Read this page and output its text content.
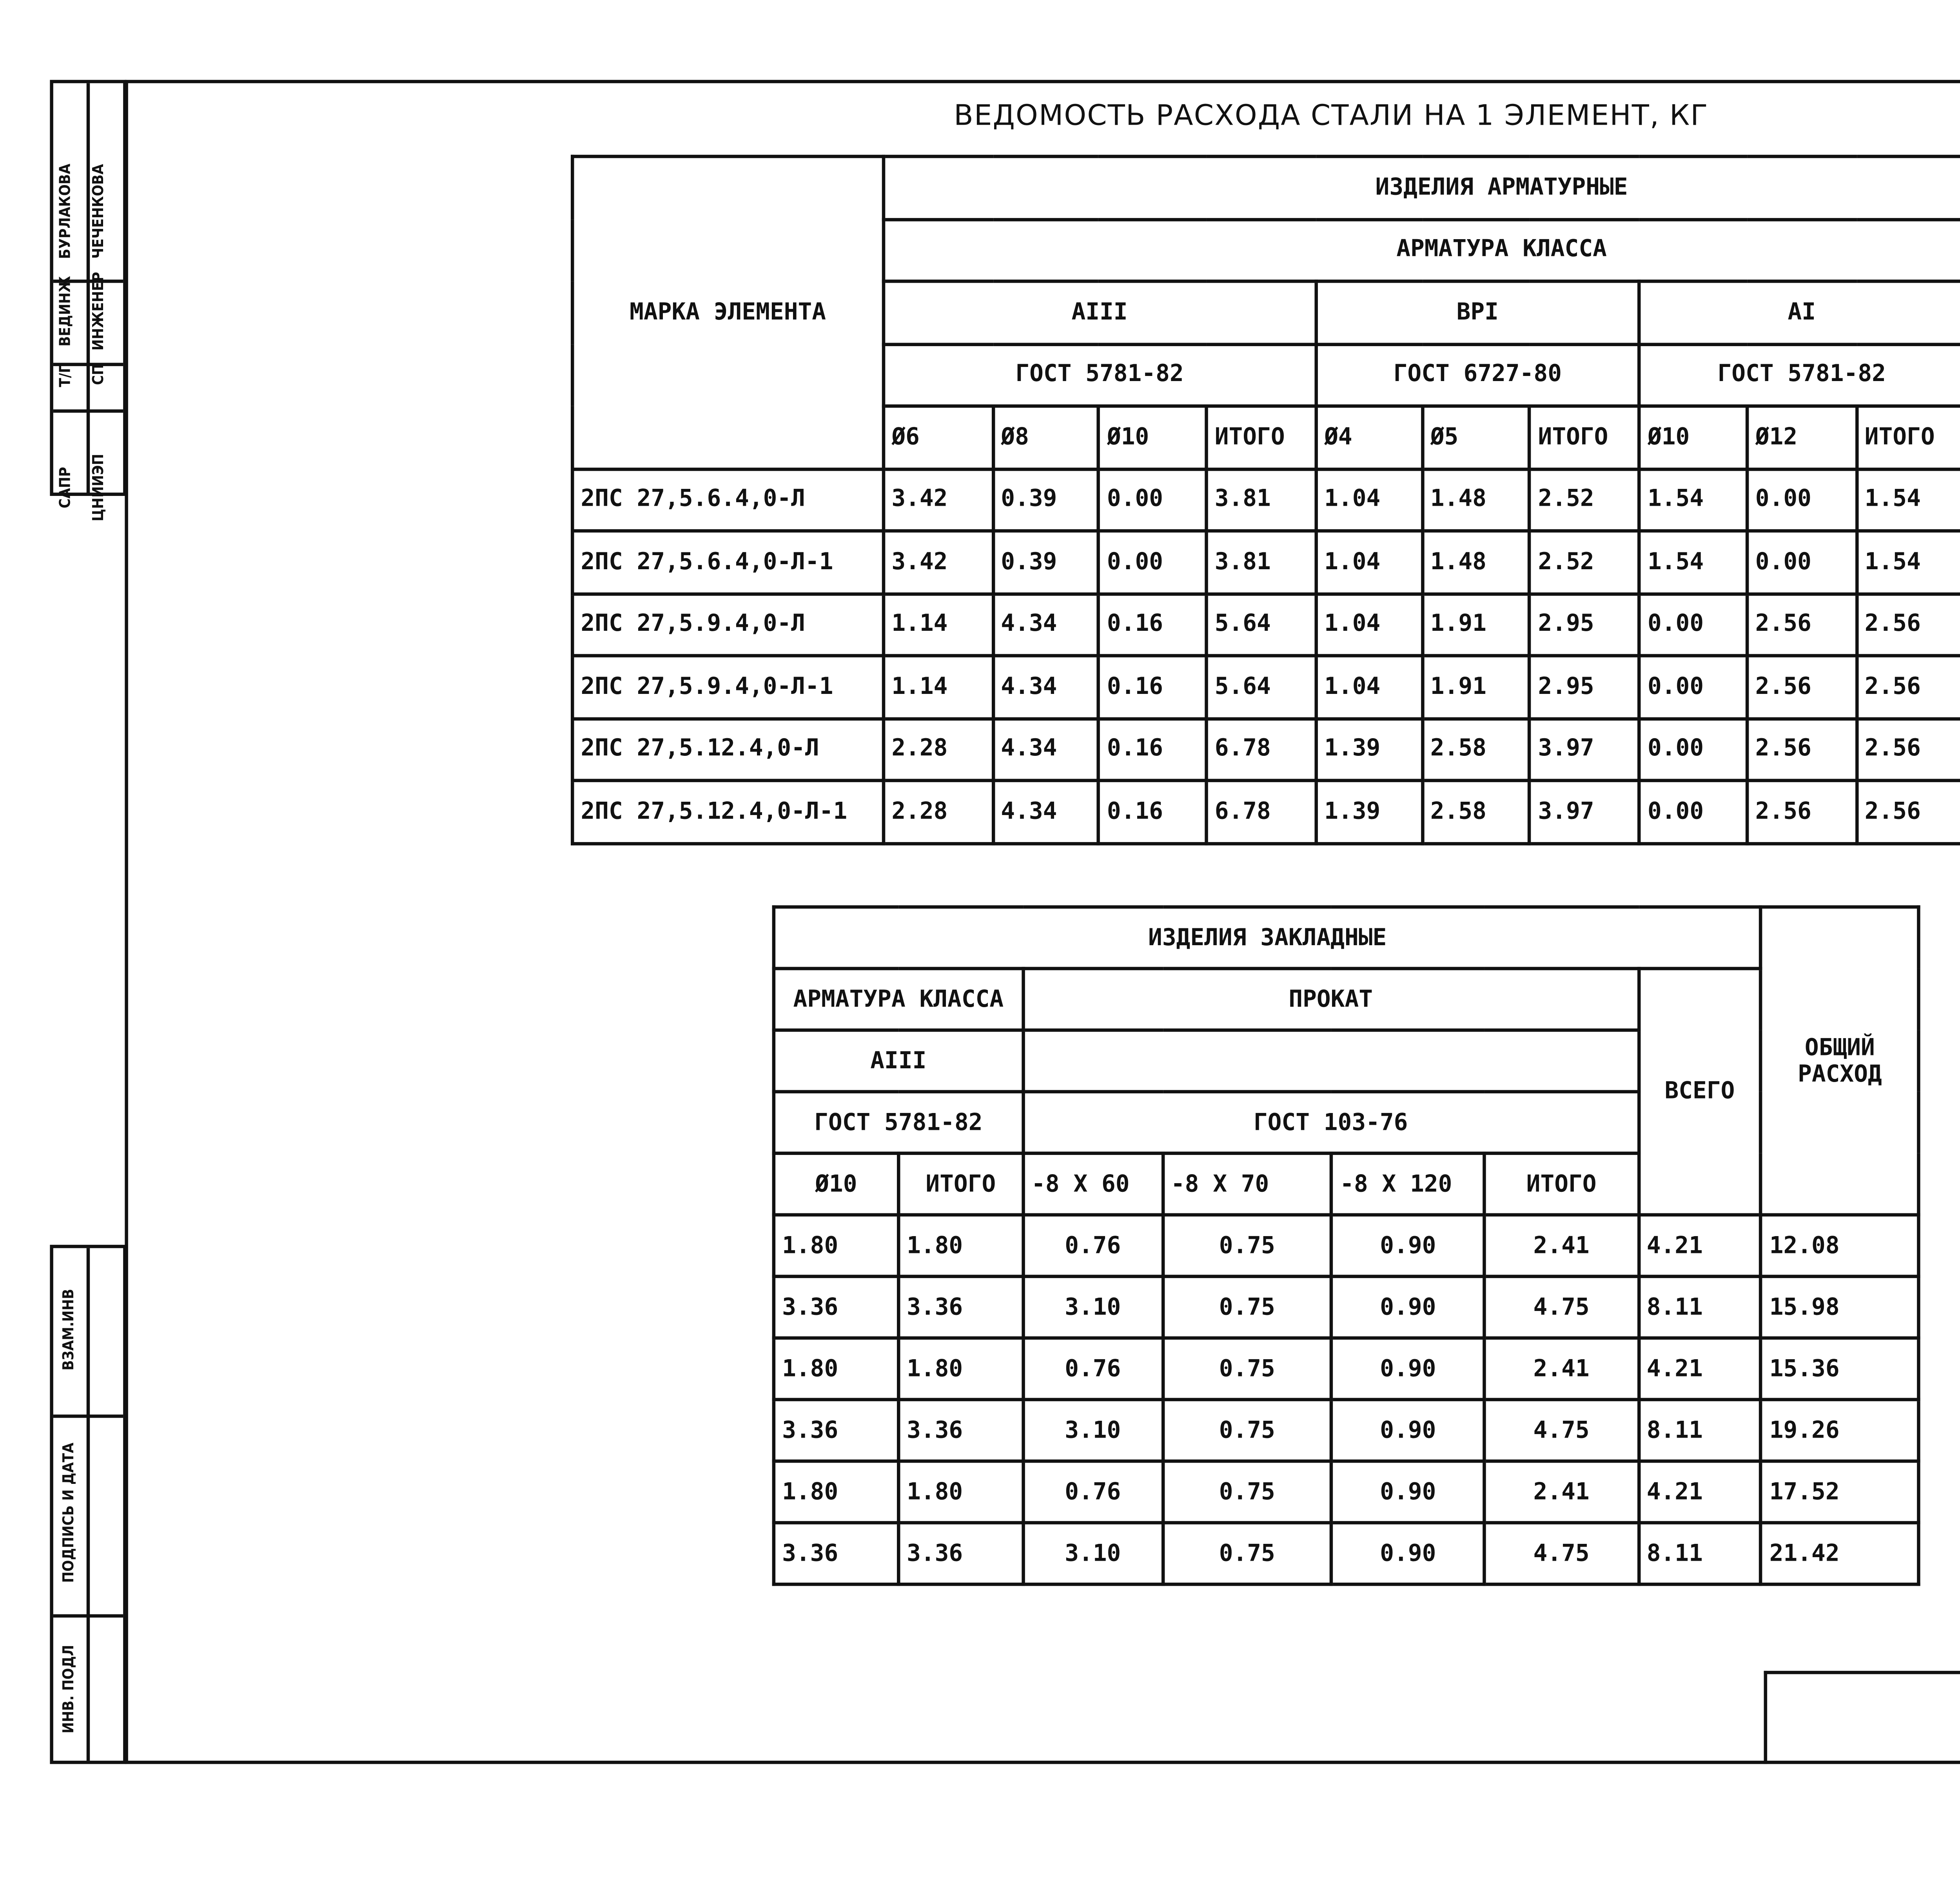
САПР
Т/П
ВЕДИНЖ
БУРЛАКОВА
ЦНИИЭП
СП
ИНЖЕНЕР
ЧЕЧЕНКОВА
ВЗАМ.ИНВ
ПОДПИСЬ И ДАТА
ИНВ. ПОДЛ
ВЕДОМОСТЬ РАСХОДА СТАЛИ НА 1 ЭЛЕМЕНТ, КГ
МАРКА ЭЛЕМЕНТА	ИЗДЕЛИЯ АРМАТУРНЫЕ										
	АРМАТУРА КЛАССА										
	AIII				ВРI			AI	
	ГОСТ 5781-82				ГОСТ 6727-80			ГОСТ 5781-82			
	Ø6	Ø8	Ø10	ИТОГО	Ø4	Ø5	ИТОГО	Ø10	Ø12	ИТОГО	
2ПС 27,5.6.4,0-Л	3.42	0.39	0.00	3.81	1.04	1.48	2.52	1.54	0.00	1.54	
2ПС 27,5.6.4,0-Л-1	3.42	0.39	0.00	3.81	1.04	1.48	2.52	1.54	0.00	1.54	
2ПС 27,5.9.4,0-Л	1.14	4.34	0.16	5.64	1.04	1.91	2.95	0.00	2.56	2.56	
2ПС 27,5.9.4,0-Л-1	1.14	4.34	0.16	5.64	1.04	1.91	2.95	0.00	2.56	2.56	
2ПС 27,5.12.4,0-Л	2.28	4.34	0.16	6.78	1.39	2.58	3.97	0.00	2.56	2.56	
2ПС 27,5.12.4,0-Л-1	2.28	4.34	0.16	6.78	1.39	2.58	3.97	0.00	2.56	2.56	
ИЗДЕЛИЯ ЗАКЛАДНЫЕ							ОБЩИЙ
РАСХОД

АРМАТУРА КЛАССА		ПРОКАТ				ВСЕГО	
AIII							
ГОСТ 5781-82		ГОСТ 103-76					
Ø10	ИТОГО	-8 X 60	-8 X 70	-8 X 120	ИТОГО		
1.80	1.80	0.76	0.75	0.90	2.41	4.21	12.08
3.36	3.36	3.10	0.75	0.90	4.75	8.11	15.98
1.80	1.80	0.76	0.75	0.90	2.41	4.21	15.36
3.36	3.36	3.10	0.75	0.90	4.75	8.11	19.26
1.80	1.80	0.76	0.75	0.90	2.41	4.21	17.52
3.36	3.36	3.10	0.75	0.90	4.75	8.11	21.42
